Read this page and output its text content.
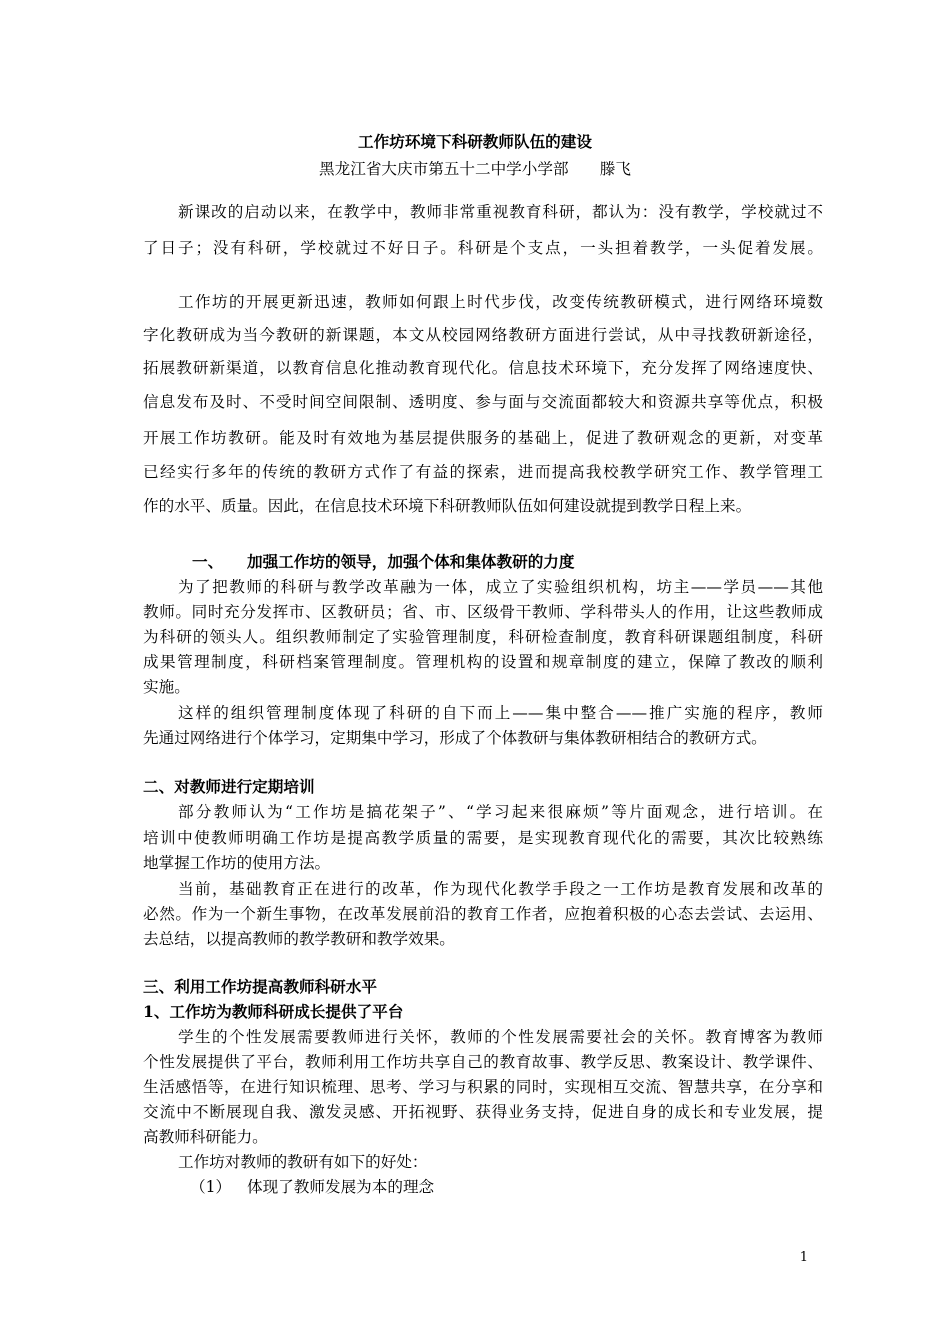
工作坊环境下科研教师队伍的建设
黑龙江省大庆市第五十二中学小学部　　滕飞
新课改的启动以来，在教学中，教师非常重视教育科研，都认为：没有教学，学校就过不
了日子；没有科研，学校就过不好日子。科研是个支点，一头担着教学，一头促着发展。
工作坊的开展更新迅速，教师如何跟上时代步伐，改变传统教研模式，进行网络环境数
字化教研成为当今教研的新课题，本文从校园网络教研方面进行尝试，从中寻找教研新途径，
拓展教研新渠道，以教育信息化推动教育现代化。信息技术环境下，充分发挥了网络速度快、
信息发布及时、不受时间空间限制、透明度、参与面与交流面都较大和资源共享等优点，积极
开展工作坊教研。能及时有效地为基层提供服务的基础上，促进了教研观念的更新，对变革
已经实行多年的传统的教研方式作了有益的探索，进而提高我校教学研究工作、教学管理工
作的水平、质量。因此，在信息技术环境下科研教师队伍如何建设就提到教学日程上来。
一、	加强工作坊的领导，加强个体和集体教研的力度
为了把教师的科研与教学改革融为一体，成立了实验组织机构，坊主——学员——其他
教师。同时充分发挥市、区教研员；省、市、区级骨干教师、学科带头人的作用，让这些教师成
为科研的领头人。组织教师制定了实验管理制度，科研检查制度，教育科研课题组制度，科研
成果管理制度，科研档案管理制度。管理机构的设置和规章制度的建立，保障了教改的顺利
实施。
这样的组织管理制度体现了科研的自下而上——集中整合——推广实施的程序，教师
先通过网络进行个体学习，定期集中学习，形成了个体教研与集体教研相结合的教研方式。
二、对教师进行定期培训
部分教师认为“工作坊是搞花架子”、“学习起来很麻烦”等片面观念，进行培训。在
培训中使教师明确工作坊是提高教学质量的需要，是实现教育现代化的需要，其次比较熟练
地掌握工作坊的使用方法。
当前，基础教育正在进行的改革，作为现代化教学手段之一工作坊是教育发展和改革的
必然。作为一个新生事物，在改革发展前沿的教育工作者，应抱着积极的心态去尝试、去运用、
去总结，以提高教师的教学教研和教学效果。
三、利用工作坊提高教师科研水平
1、工作坊为教师科研成长提供了平台
学生的个性发展需要教师进行关怀，教师的个性发展需要社会的关怀。教育博客为教师
个性发展提供了平台，教师利用工作坊共享自己的教育故事、教学反思、教案设计、教学课件、
生活感悟等，在进行知识梳理、思考、学习与积累的同时，实现相互交流、智慧共享，在分享和
交流中不断展现自我、激发灵感、开拓视野、获得业务支持，促进自身的成长和专业发展，提
高教师科研能力。
工作坊对教师的教研有如下的好处：
（1）	体现了教师发展为本的理念
1
